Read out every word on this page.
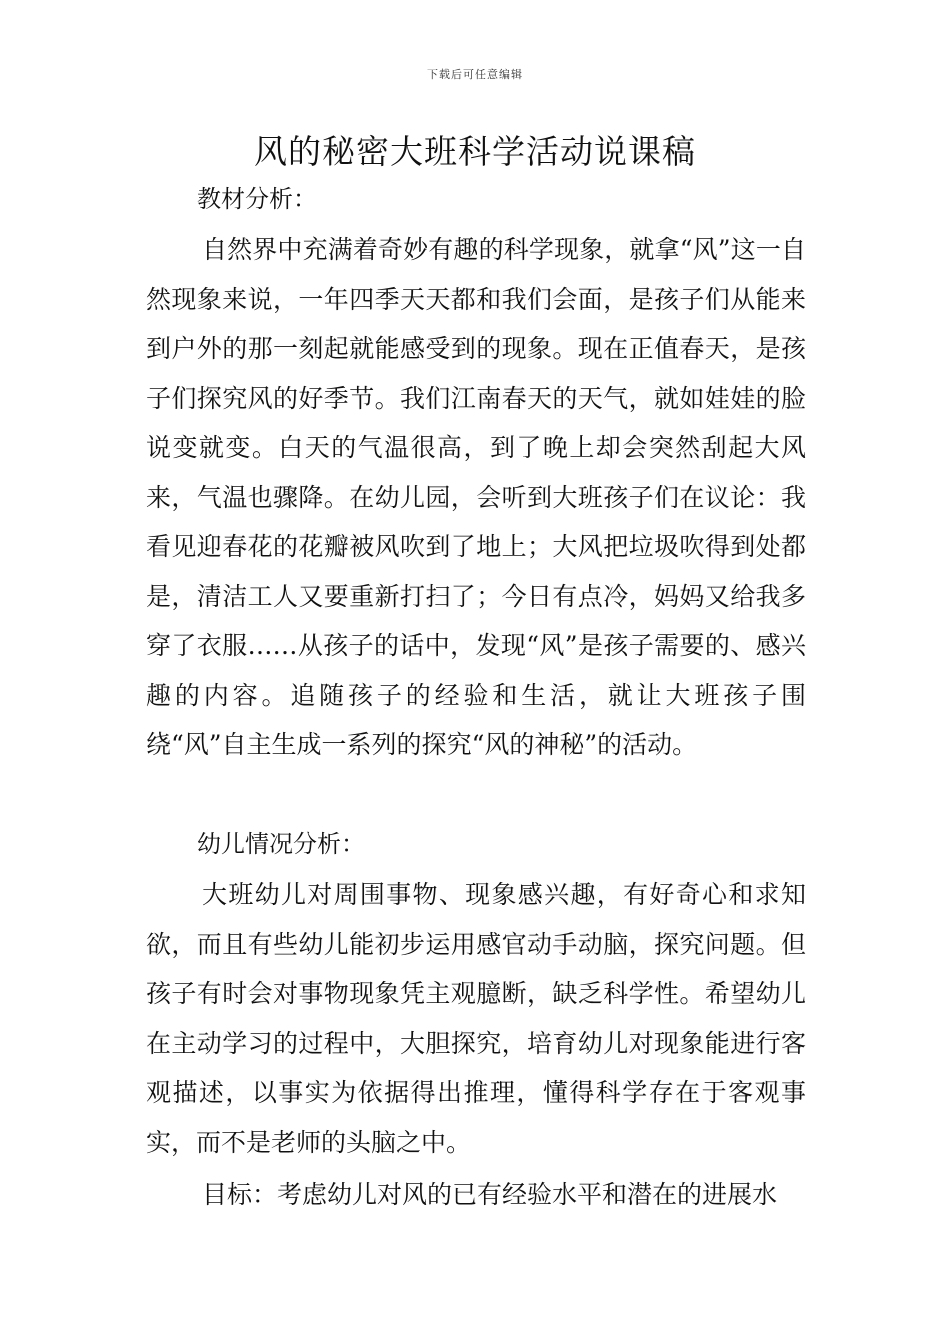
下载后可任意编辑
风的秘密大班科学活动说课稿

教材分析：

自然界中充满着奇妙有趣的科学现象，就拿“风”这一自然现象来说，一年四季天天都和我们会面，是孩子们从能来到户外的那一刻起就能感受到的现象。现在正值春天，是孩子们探究风的好季节。我们江南春天的天气，就如娃娃的脸说变就变。白天的气温很高，到了晚上却会突然刮起大风来，气温也骤降。在幼儿园，会听到大班孩子们在议论：我看见迎春花的花瓣被风吹到了地上；大风把垃圾吹得到处都是，清洁工人又要重新打扫了；今日有点冷，妈妈又给我多穿了衣服……从孩子的话中，发现“风”是孩子需要的、感兴趣的内容。追随孩子的经验和生活，就让大班孩子围绕“风”自主生成一系列的探究“风的神秘”的活动。

幼儿情况分析：

大班幼儿对周围事物、现象感兴趣，有好奇心和求知欲，而且有些幼儿能初步运用感官动手动脑，探究问题。但孩子有时会对事物现象凭主观臆断，缺乏科学性。希望幼儿在主动学习的过程中，大胆探究，培育幼儿对现象能进行客观描述，以事实为依据得出推理，懂得科学存在于客观事实，而不是老师的头脑之中。

目标：考虑幼儿对风的已有经验水平和潜在的进展水
